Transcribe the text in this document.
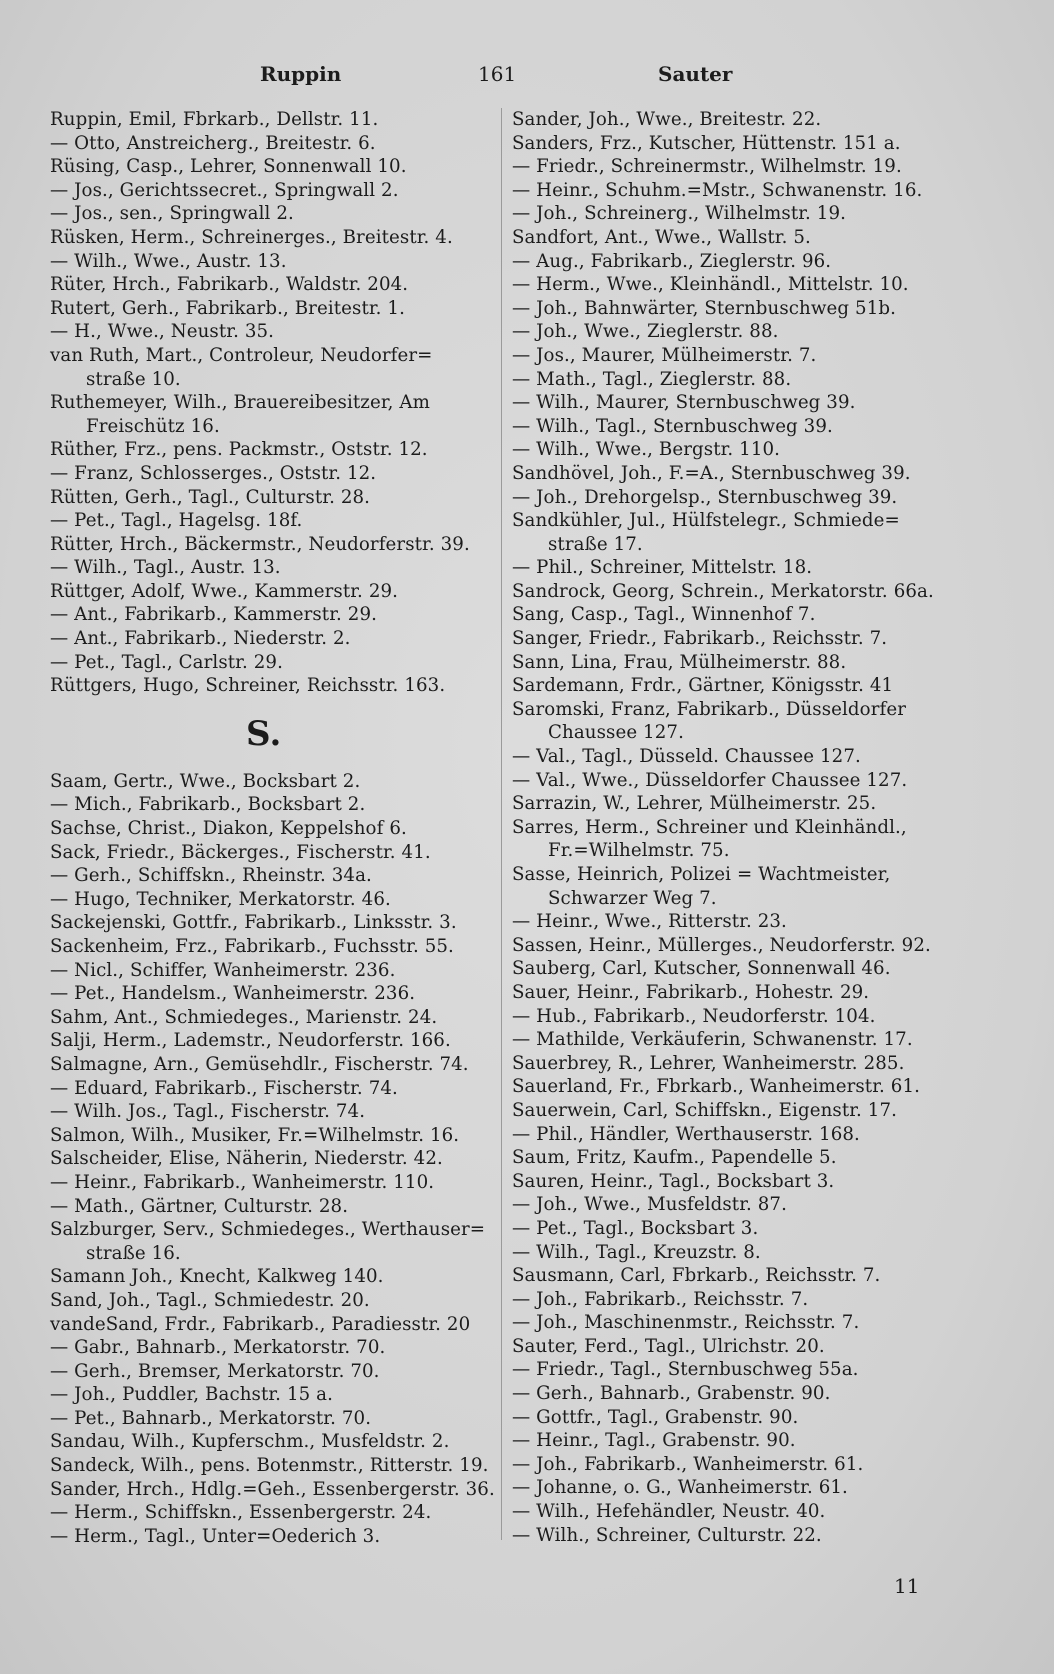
Ruppin	161	Sauter
Ruppin, Emil, Fbrkarb., Dellstr. 11.
— Otto, Anstreicherg., Breitestr. 6.
Rüsing, Casp., Lehrer, Sonnenwall 10.
— Jos., Gerichtssecret., Springwall 2.
— Jos., sen., Springwall 2.
Rüsken, Herm., Schreinerges., Breitestr. 4.
— Wilh., Wwe., Austr. 13.
Rüter, Hrch., Fabrikarb., Waldstr. 204.
Rutert, Gerh., Fabrikarb., Breitestr. 1.
— H., Wwe., Neustr. 35.
van Ruth, Mart., Controleur, Neudorfer=
straße 10.
Ruthemeyer, Wilh., Brauereibesitzer, Am
Freischütz 16.
Rüther, Frz., pens. Packmstr., Oststr. 12.
— Franz, Schlosserges., Oststr. 12.
Rütten, Gerh., Tagl., Culturstr. 28.
— Pet., Tagl., Hagelsg. 18f.
Rütter, Hrch., Bäckermstr., Neudorferstr. 39.
— Wilh., Tagl., Austr. 13.
Rüttger, Adolf, Wwe., Kammerstr. 29.
— Ant., Fabrikarb., Kammerstr. 29.
— Ant., Fabrikarb., Niederstr. 2.
— Pet., Tagl., Carlstr. 29.
Rüttgers, Hugo, Schreiner, Reichsstr. 163.
S.
Saam, Gertr., Wwe., Bocksbart 2.
— Mich., Fabrikarb., Bocksbart 2.
Sachse, Christ., Diakon, Keppelshof 6.
Sack, Friedr., Bäckerges., Fischerstr. 41.
— Gerh., Schiffskn., Rheinstr. 34a.
— Hugo, Techniker, Merkatorstr. 46.
Sackejenski, Gottfr., Fabrikarb., Linksstr. 3.
Sackenheim, Frz., Fabrikarb., Fuchsstr. 55.
— Nicl., Schiffer, Wanheimerstr. 236.
— Pet., Handelsm., Wanheimerstr. 236.
Sahm, Ant., Schmiedeges., Marienstr. 24.
Salji, Herm., Lademstr., Neudorferstr. 166.
Salmagne, Arn., Gemüsehdlr., Fischerstr. 74.
— Eduard, Fabrikarb., Fischerstr. 74.
— Wilh. Jos., Tagl., Fischerstr. 74.
Salmon, Wilh., Musiker, Fr.=Wilhelmstr. 16.
Salscheider, Elise, Näherin, Niederstr. 42.
— Heinr., Fabrikarb., Wanheimerstr. 110.
— Math., Gärtner, Culturstr. 28.
Salzburger, Serv., Schmiedeges., Werthauser=
straße 16.
Samann Joh., Knecht, Kalkweg 140.
Sand, Joh., Tagl., Schmiedestr. 20.
vandeSand, Frdr., Fabrikarb., Paradiesstr. 20
— Gabr., Bahnarb., Merkatorstr. 70.
— Gerh., Bremser, Merkatorstr. 70.
— Joh., Puddler, Bachstr. 15 a.
— Pet., Bahnarb., Merkatorstr. 70.
Sandau, Wilh., Kupferschm., Musfeldstr. 2.
Sandeck, Wilh., pens. Botenmstr., Ritterstr. 19.
Sander, Hrch., Hdlg.=Geh., Essenbergerstr. 36.
— Herm., Schiffskn., Essenbergerstr. 24.
— Herm., Tagl., Unter=Oederich 3.
Sander, Joh., Wwe., Breitestr. 22.
Sanders, Frz., Kutscher, Hüttenstr. 151 a.
— Friedr., Schreinermstr., Wilhelmstr. 19.
— Heinr., Schuhm.=Mstr., Schwanenstr. 16.
— Joh., Schreinerg., Wilhelmstr. 19.
Sandfort, Ant., Wwe., Wallstr. 5.
— Aug., Fabrikarb., Zieglerstr. 96.
— Herm., Wwe., Kleinhändl., Mittelstr. 10.
— Joh., Bahnwärter, Sternbuschweg 51b.
— Joh., Wwe., Zieglerstr. 88.
— Jos., Maurer, Mülheimerstr. 7.
— Math., Tagl., Zieglerstr. 88.
— Wilh., Maurer, Sternbuschweg 39.
— Wilh., Tagl., Sternbuschweg 39.
— Wilh., Wwe., Bergstr. 110.
Sandhövel, Joh., F.=A., Sternbuschweg 39.
— Joh., Drehorgelsp., Sternbuschweg 39.
Sandkühler, Jul., Hülfstelegr., Schmiede=
straße 17.
— Phil., Schreiner, Mittelstr. 18.
Sandrock, Georg, Schrein., Merkatorstr. 66a.
Sang, Casp., Tagl., Winnenhof 7.
Sanger, Friedr., Fabrikarb., Reichsstr. 7.
Sann, Lina, Frau, Mülheimerstr. 88.
Sardemann, Frdr., Gärtner, Königsstr. 41
Saromski, Franz, Fabrikarb., Düsseldorfer
Chaussee 127.
— Val., Tagl., Düsseld. Chaussee 127.
— Val., Wwe., Düsseldorfer Chaussee 127.
Sarrazin, W., Lehrer, Mülheimerstr. 25.
Sarres, Herm., Schreiner und Kleinhändl.,
Fr.=Wilhelmstr. 75.
Sasse, Heinrich, Polizei = Wachtmeister,
Schwarzer Weg 7.
— Heinr., Wwe., Ritterstr. 23.
Sassen, Heinr., Müllerges., Neudorferstr. 92.
Sauberg, Carl, Kutscher, Sonnenwall 46.
Sauer, Heinr., Fabrikarb., Hohestr. 29.
— Hub., Fabrikarb., Neudorferstr. 104.
— Mathilde, Verkäuferin, Schwanenstr. 17.
Sauerbrey, R., Lehrer, Wanheimerstr. 285.
Sauerland, Fr., Fbrkarb., Wanheimerstr. 61.
Sauerwein, Carl, Schiffskn., Eigenstr. 17.
— Phil., Händler, Werthauserstr. 168.
Saum, Fritz, Kaufm., Papendelle 5.
Sauren, Heinr., Tagl., Bocksbart 3.
— Joh., Wwe., Musfeldstr. 87.
— Pet., Tagl., Bocksbart 3.
— Wilh., Tagl., Kreuzstr. 8.
Sausmann, Carl, Fbrkarb., Reichsstr. 7.
— Joh., Fabrikarb., Reichsstr. 7.
— Joh., Maschinenmstr., Reichsstr. 7.
Sauter, Ferd., Tagl., Ulrichstr. 20.
— Friedr., Tagl., Sternbuschweg 55a.
— Gerh., Bahnarb., Grabenstr. 90.
— Gottfr., Tagl., Grabenstr. 90.
— Heinr., Tagl., Grabenstr. 90.
— Joh., Fabrikarb., Wanheimerstr. 61.
— Johanne, o. G., Wanheimerstr. 61.
— Wilh., Hefehändler, Neustr. 40.
— Wilh., Schreiner, Culturstr. 22.
11
